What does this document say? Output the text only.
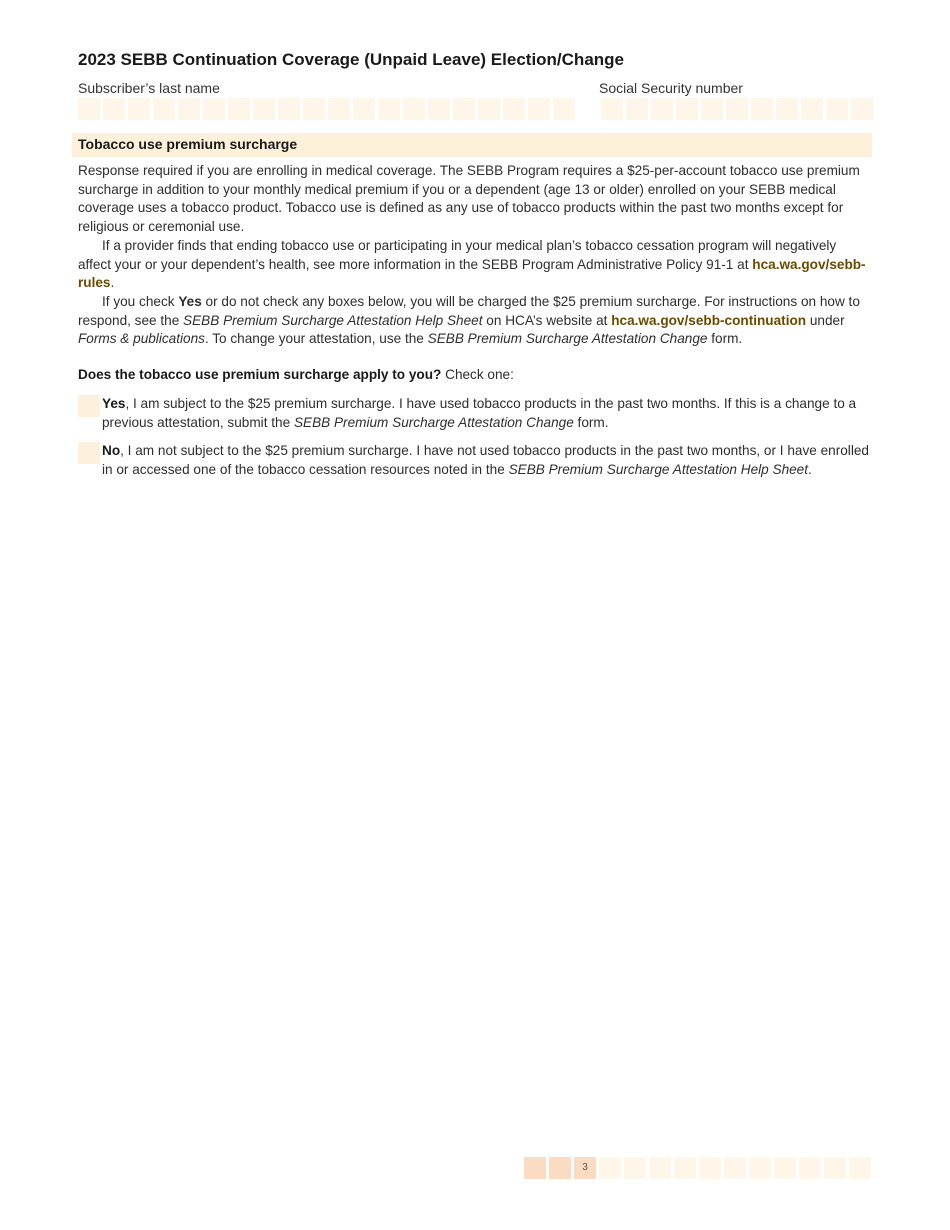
2023 SEBB Continuation Coverage (Unpaid Leave) Election/Change
Subscriber’s last name	Social Security number
Tobacco use premium surcharge

Response required if you are enrolling in medical coverage. The SEBB Program requires a $25-per-account tobacco use premium surcharge in addition to your monthly medical premium if you or a dependent (age 13 or older) enrolled on your SEBB medical coverage uses a tobacco product. Tobacco use is defined as any use of tobacco products within the past two months except for religious or ceremonial use.

If a provider finds that ending tobacco use or participating in your medical plan’s tobacco cessation program will negatively affect your or your dependent’s health, see more information in the SEBB Program Administrative Policy 91-1 at hca.wa.gov/sebb-rules.

If you check Yes or do not check any boxes below, you will be charged the $25 premium surcharge. For instructions on how to respond, see the SEBB Premium Surcharge Attestation Help Sheet on HCA’s website at hca.wa.gov/sebb-continuation under Forms & publications. To change your attestation, use the SEBB Premium Surcharge Attestation Change form.

Does the tobacco use premium surcharge apply to you? Check one:
Yes, I am subject to the $25 premium surcharge. I have used tobacco products in the past two months. If this is a change to a previous attestation, submit the SEBB Premium Surcharge Attestation Change form.
No, I am not subject to the $25 premium surcharge. I have not used tobacco products in the past two months, or I have enrolled in or accessed one of the tobacco cessation resources noted in the SEBB Premium Surcharge Attestation Help Sheet.
3
